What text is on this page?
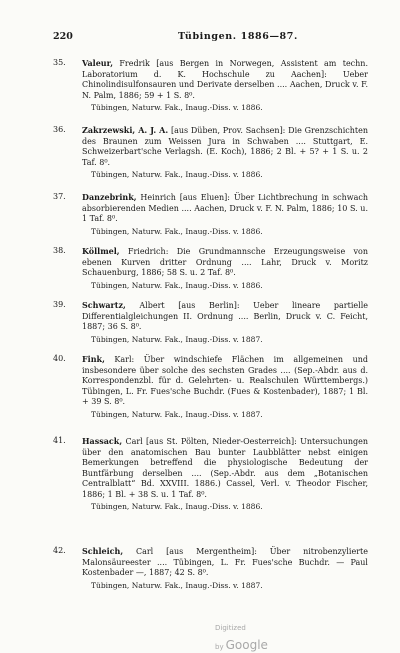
220	Tübingen. 1886—87.
35.	Valeur, Fredrik [aus Bergen in Norwegen, Assistent am techn. Laboratorium d. K. Hochschule zu Aachen]: Ueber Chinolindisulfonsauren und Derivate derselben .... Aachen, Druck v. F. N. Palm, 1886; 59 + 1 S. 8⁰.
Tübingen, Naturw. Fak., Inaug.-Diss. v. 1886.
36.	Zakrzewski, A. J. A. [aus Düben, Prov. Sachsen]: Die Grenzschichten des Braunen zum Weissen Jura in Schwaben .... Stuttgart, E. Schweizerbart'sche Verlagsh. (E. Koch), 1886; 2 Bl. + 5? + 1 S. u. 2 Taf. 8⁰.
Tübingen, Naturw. Fak., Inaug.-Diss. v. 1886.
37.	Danzebrink, Heinrich [aus Eluen]: Über Lichtbrechung in schwach absorbierenden Medien .... Aachen, Druck v. F. N. Palm, 1886; 10 S. u. 1 Taf. 8⁰.
Tübingen, Naturw. Fak., Inaug.-Diss. v. 1886.
38.	Köllmel, Friedrich: Die Grundmannsche Erzeugungsweise von ebenen Kurven dritter Ordnung .... Lahr, Druck v. Moritz Schauenburg, 1886; 58 S. u. 2 Taf. 8⁰.
Tübingen, Naturw. Fak., Inaug.-Diss. v. 1886.
39.	Schwartz, Albert [aus Berlin]: Ueber lineare partielle Differentialgleichungen II. Ordnung .... Berlin, Druck v. C. Feicht, 1887; 36 S. 8⁰.
Tübingen, Naturw. Fak., Inaug.-Diss. v. 1887.
40.	Fink, Karl: Über windschiefe Flächen im allgemeinen und insbesondere über solche des sechsten Grades .... (Sep.-Abdr. aus d. Korrespondenzbl. für d. Gelehrten- u. Realschulen Württembergs.) Tübingen, L. Fr. Fues'sche Buchdr. (Fues & Kostenbader), 1887; 1 Bl. + 39 S. 8⁰.
Tübingen, Naturw. Fak., Inaug.-Diss. v. 1887.
41.	Hassack, Carl [aus St. Pölten, Nieder-Oesterreich]: Untersuchungen über den anatomischen Bau bunter Laubblätter nebst einigen Bemerkungen betreffend die physiologische Bedeutung der Buntfärbung derselben .... (Sep.-Abdr. aus dem „Botanischen Centralblatt“ Bd. XXVIII. 1886.) Cassel, Verl. v. Theodor Fischer, 1886; 1 Bl. + 38 S. u. 1 Taf. 8⁰.
Tübingen, Naturw. Fak., Inaug.-Diss. v. 1886.
42.	Schleich, Carl [aus Mergentheim]: Über nitrobenzylierte Malonsäureester .... Tübingen, L. Fr. Fues'sche Buchdr. — Paul Kostenbader —, 1887; 42 S. 8⁰.
Tübingen, Naturw. Fak., Inaug.-Diss. v. 1887.
Digitized by Google
